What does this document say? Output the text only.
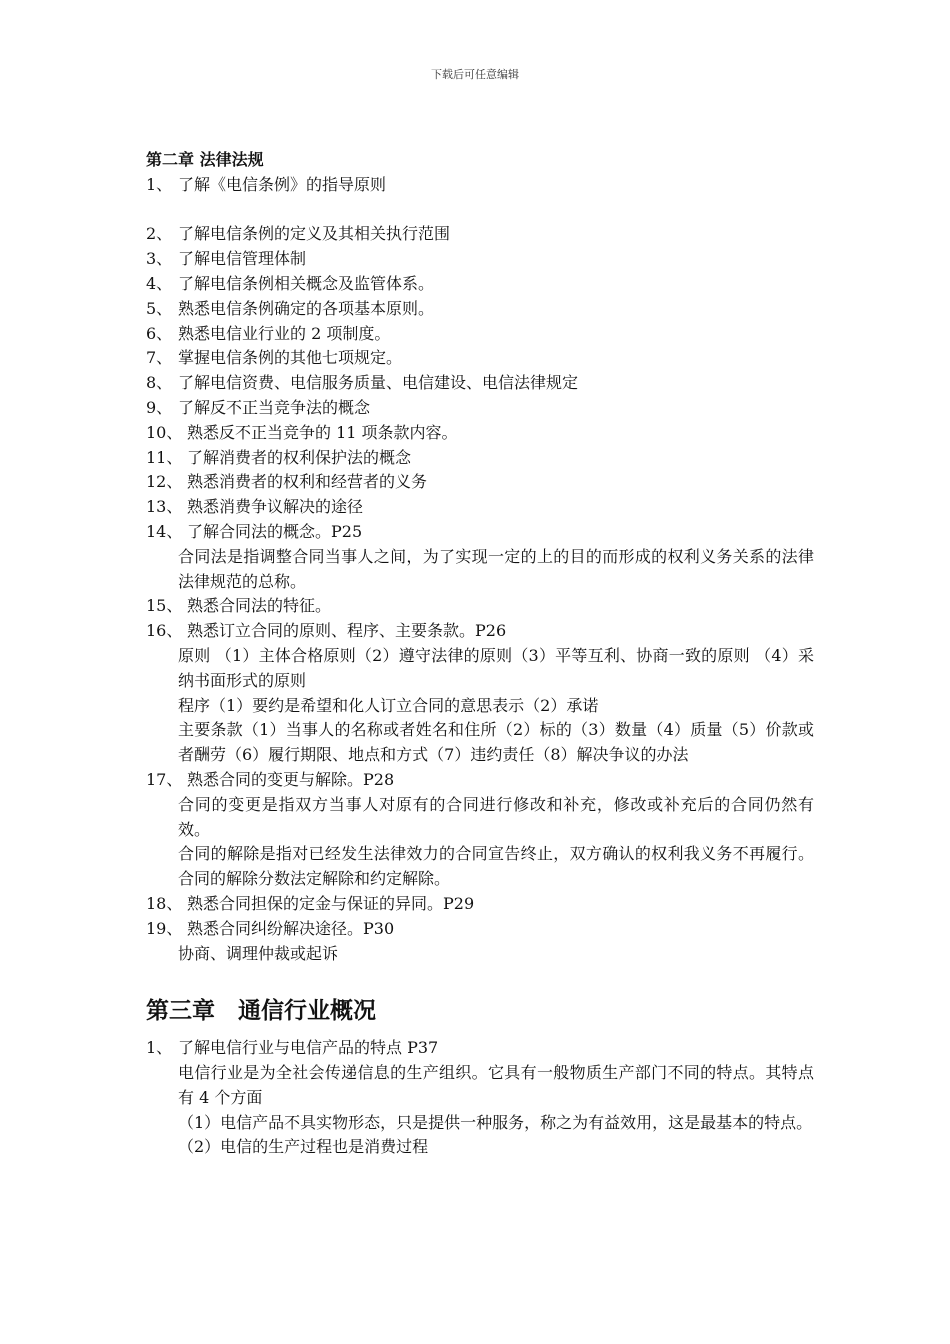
下载后可任意编辑
第二章 法律法规
1、 了解《电信条例》的指导原则
2、 了解电信条例的定义及其相关执行范围
3、 了解电信管理体制
4、 了解电信条例相关概念及监管体系。
5、 熟悉电信条例确定的各项基本原则。
6、 熟悉电信业行业的 2 项制度。
7、 掌握电信条例的其他七项规定。
8、 了解电信资费、电信服务质量、电信建设、电信法律规定
9、 了解反不正当竞争法的概念
10、 熟悉反不正当竞争的 11 项条款内容。
11、 了解消费者的权利保护法的概念
12、 熟悉消费者的权利和经营者的义务
13、 熟悉消费争议解决的途径
14、 了解合同法的概念。P25
合同法是指调整合同当事人之间，为了实现一定的上的目的而形成的权利义务关系的法律法律规范的总称。
15、 熟悉合同法的特征。
16、 熟悉订立合同的原则、程序、主要条款。P26
原则 （1）主体合格原则（2）遵守法律的原则（3）平等互利、协商一致的原则 （4）采纳书面形式的原则
程序（1）要约是希望和化人订立合同的意思表示（2）承诺
主要条款（1）当事人的名称或者姓名和住所（2）标的（3）数量（4）质量（5）价款或者酬劳（6）履行期限、地点和方式（7）违约责任（8）解决争议的办法
17、 熟悉合同的变更与解除。P28
合同的变更是指双方当事人对原有的合同进行修改和补充，修改或补充后的合同仍然有效。
合同的解除是指对已经发生法律效力的合同宣告终止，双方确认的权利我义务不再履行。合同的解除分数法定解除和约定解除。
18、 熟悉合同担保的定金与保证的异同。P29
19、 熟悉合同纠纷解决途径。P30
协商、调理仲裁或起诉
第三章　通信行业概况
1、 了解电信行业与电信产品的特点 P37
电信行业是为全社会传递信息的生产组织。它具有一般物质生产部门不同的特点。其特点有 4 个方面
（1）电信产品不具实物形态，只是提供一种服务，称之为有益效用，这是最基本的特点。
（2）电信的生产过程也是消费过程
